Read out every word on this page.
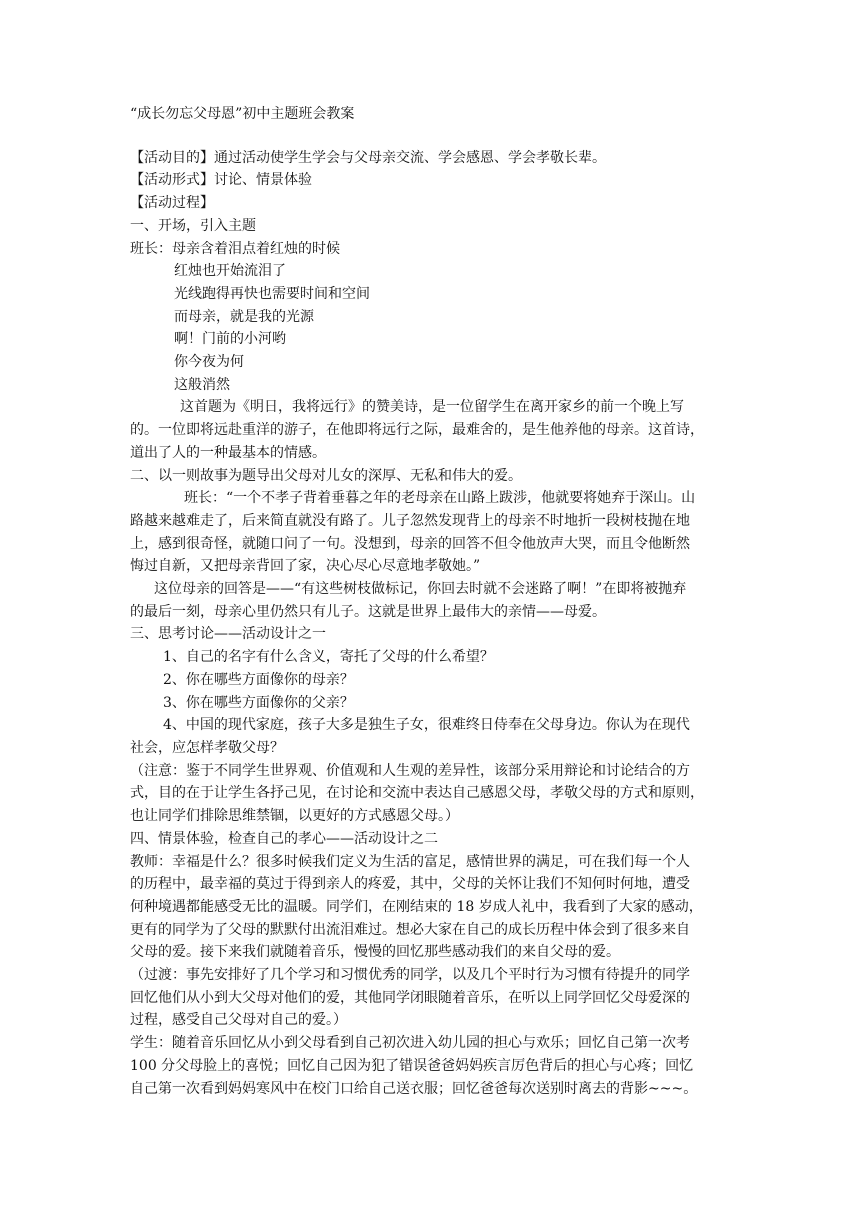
“成长勿忘父母恩”初中主题班会教案
【活动目的】通过活动使学生学会与父母亲交流、学会感恩、学会孝敬长辈。
【活动形式】讨论、情景体验
【活动过程】
一、开场，引入主题
班长：母亲含着泪点着红烛的时候
红烛也开始流泪了
光线跑得再快也需要时间和空间
而母亲，就是我的光源
啊！门前的小河哟
你今夜为何
这般消然
这首题为《明日，我将远行》的赞美诗，是一位留学生在离开家乡的前一个晚上写
的。一位即将远赴重洋的游子，在他即将远行之际，最难舍的，是生他养他的母亲。这首诗，
道出了人的一种最基本的情感。
二、以一则故事为题导出父母对儿女的深厚、无私和伟大的爱。
班长：“一个不孝子背着垂暮之年的老母亲在山路上跋涉，他就要将她弃于深山。山
路越来越难走了，后来简直就没有路了。儿子忽然发现背上的母亲不时地折一段树枝抛在地
上，感到很奇怪，就随口问了一句。没想到，母亲的回答不但令他放声大哭，而且令他断然
悔过自新，又把母亲背回了家，决心尽心尽意地孝敬她。”
这位母亲的回答是——“有这些树枝做标记，你回去时就不会迷路了啊！”在即将被抛弃
的最后一刻，母亲心里仍然只有儿子。这就是世界上最伟大的亲情——母爱。
三、思考讨论——活动设计之一
1、自己的名字有什么含义，寄托了父母的什么希望？
2、你在哪些方面像你的母亲？
3、你在哪些方面像你的父亲？
4、中国的现代家庭，孩子大多是独生子女，很难终日侍奉在父母身边。你认为在现代
社会，应怎样孝敬父母？
（注意：鉴于不同学生世界观、价值观和人生观的差异性，该部分采用辩论和讨论结合的方
式，目的在于让学生各抒己见，在讨论和交流中表达自己感恩父母，孝敬父母的方式和原则，
也让同学们排除思维禁锢，以更好的方式感恩父母。）
四、情景体验，检查自己的孝心——活动设计之二
教师：幸福是什么？很多时候我们定义为生活的富足，感情世界的满足，可在我们每一个人
的历程中，最幸福的莫过于得到亲人的疼爱，其中，父母的关怀让我们不知何时何地，遭受
何种境遇都能感受无比的温暖。同学们，在刚结束的 18 岁成人礼中，我看到了大家的感动，
更有的同学为了父母的默默付出流泪难过。想必大家在自己的成长历程中体会到了很多来自
父母的爱。接下来我们就随着音乐，慢慢的回忆那些感动我们的来自父母的爱。
（过渡：事先安排好了几个学习和习惯优秀的同学，以及几个平时行为习惯有待提升的同学
回忆他们从小到大父母对他们的爱，其他同学闭眼随着音乐，在听以上同学回忆父母爱深的
过程，感受自己父母对自己的爱。）
学生：随着音乐回忆从小到父母看到自己初次进入幼儿园的担心与欢乐；回忆自己第一次考
100 分父母脸上的喜悦；回忆自己因为犯了错误爸爸妈妈疾言厉色背后的担心与心疼；回忆
自己第一次看到妈妈寒风中在校门口给自己送衣服；回忆爸爸每次送别时离去的背影~~~。
